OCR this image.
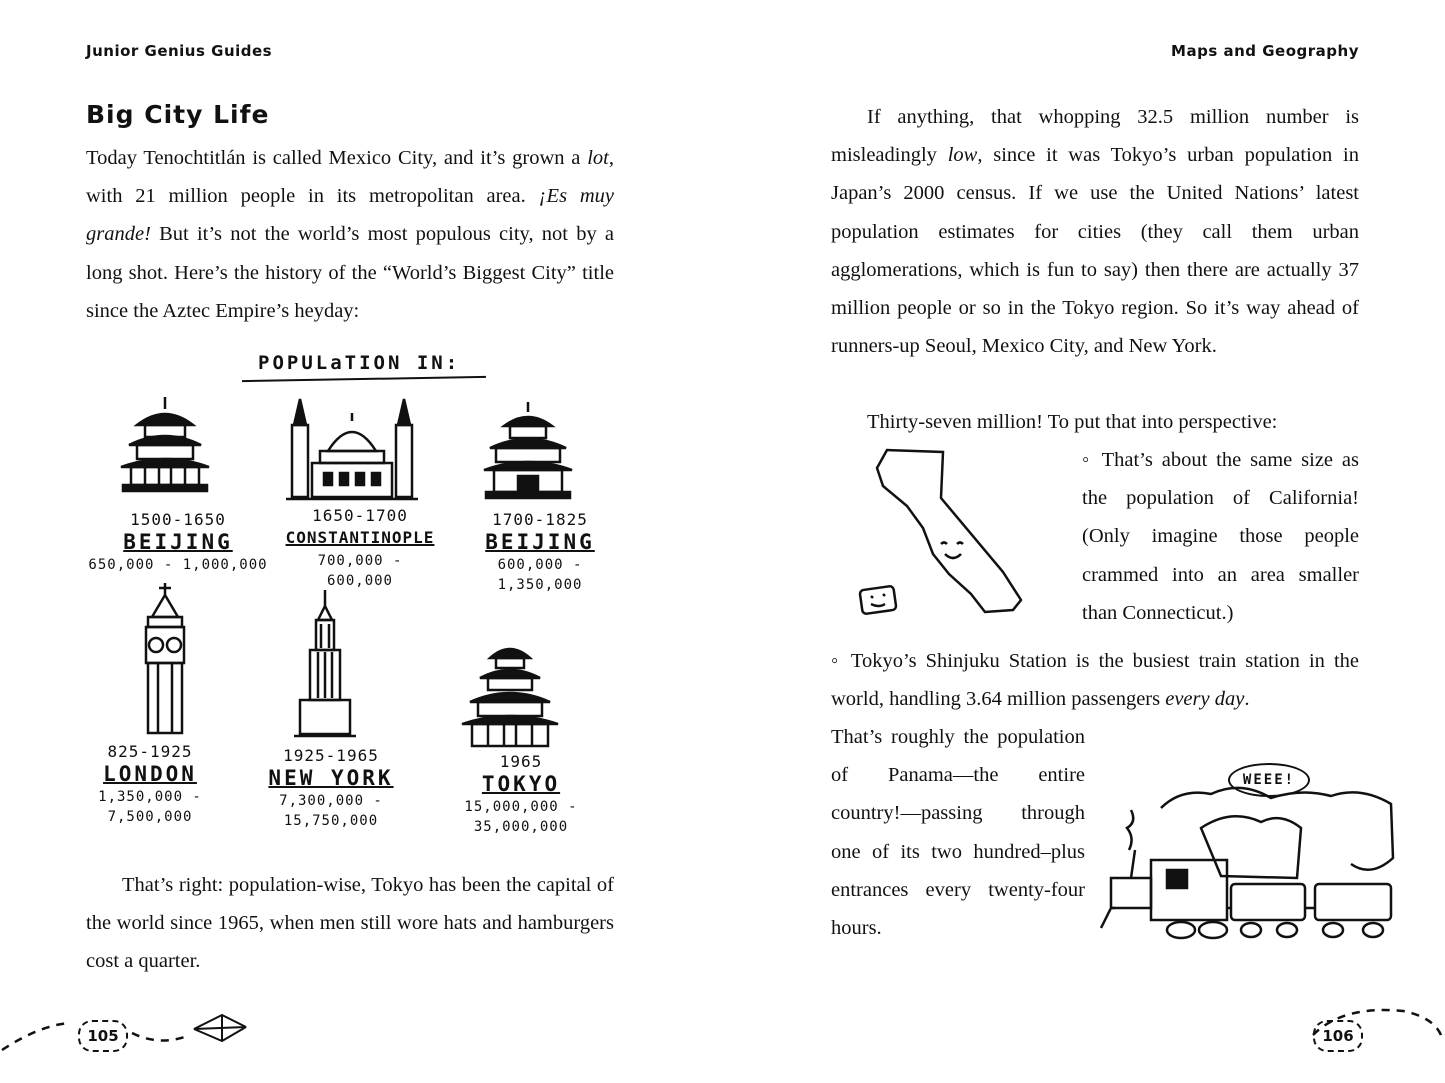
Junior Genius Guides
Big City Life

Today Tenochtitlán is called Mexico City, and it’s grown a lot, with 21 million people in its metropolitan area. ¡Es muy grande! But it’s not the world’s most populous city, not by a long shot. Here’s the history of the “World’s Biggest City” title since the Aztec Empire’s heyday:

POPULaTION IN:
1500-1650
BEIJING
650,000 - 1,000,000
1650-1700
CONSTANTINOPLE
700,000 -
600,000
1700-1825
BEIJING
600,000 -
1,350,000
825-1925
LONDON
1,350,000 -
7,500,000
1925-1965
NEW YORK
7,300,000 -
15,750,000
1965
TOKYO
15,000,000 -
35,000,000

That’s right: population-wise, Tokyo has been the capital of the world since 1965, when men still wore hats and hamburgers cost a quarter.

105
Maps and Geography

If anything, that whopping 32.5 million number is misleadingly low, since it was Tokyo’s urban population in Japan’s 2000 census. If we use the United Nations’ latest population estimates for cities (they call them urban agglomerations, which is fun to say) then there are actually 37 million people or so in the Tokyo region. So it’s way ahead of runners-up Seoul, Mexico City, and New York.

Thirty-seven million! To put that into perspective:

◦ That’s about the same size as the population of California! (Only imagine those people crammed into an area smaller than Connecticut.)

◦ Tokyo’s Shinjuku Station is the busiest train station in the world, handling 3.64 million passengers every day.

That’s roughly the population of Panama—the entire country!—passing through one of its two hundred–plus entrances every twenty-four hours.

WEEE!
106
